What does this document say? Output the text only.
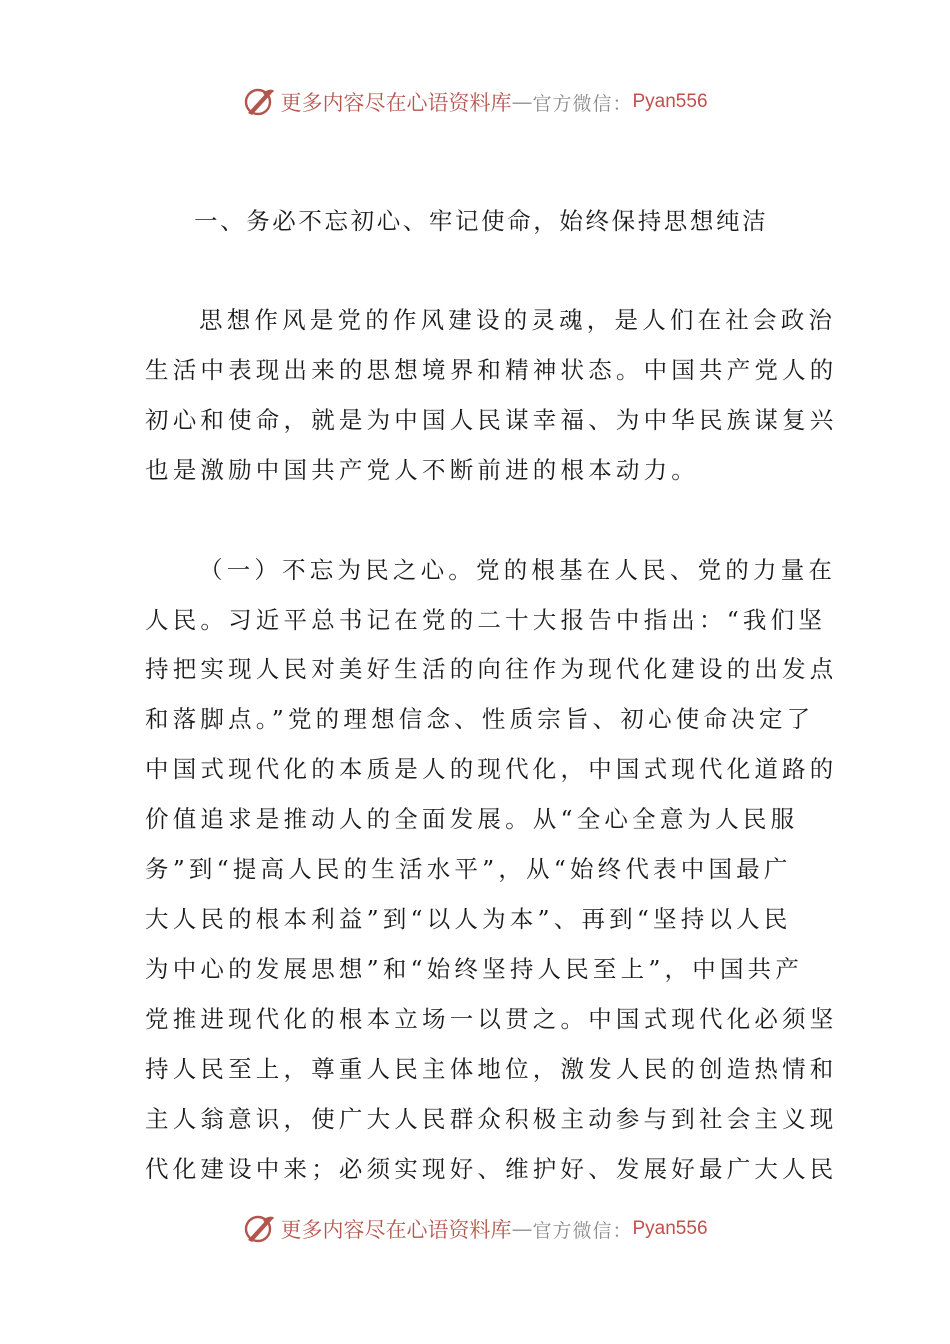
更多内容尽在心语资料库 — 官方微信： Pyan556
一、务必不忘初心、牢记使命，始终保持思想纯洁

思想作风是党的作风建设的灵魂，是人们在社会政治
生活中表现出来的思想境界和精神状态。中国共产党人的
初心和使命，就是为中国人民谋幸福、为中华民族谋复兴
也是激励中国共产党人不断前进的根本动力。

（一）不忘为民之心。党的根基在人民、党的力量在
人民。习近平总书记在党的二十大报告中指出：“我们坚
持把实现人民对美好生活的向往作为现代化建设的出发点
和落脚点。”党的理想信念、性质宗旨、初心使命决定了
中国式现代化的本质是人的现代化，中国式现代化道路的
价值追求是推动人的全面发展。从“全心全意为人民服
务”到“提高人民的生活水平”，从“始终代表中国最广
大人民的根本利益”到“以人为本”、再到“坚持以人民
为中心的发展思想”和“始终坚持人民至上”，中国共产
党推进现代化的根本立场一以贯之。中国式现代化必须坚
持人民至上，尊重人民主体地位，激发人民的创造热情和
主人翁意识，使广大人民群众积极主动参与到社会主义现
代化建设中来；必须实现好、维护好、发展好最广大人民

更多内容尽在心语资料库 — 官方微信： Pyan556
